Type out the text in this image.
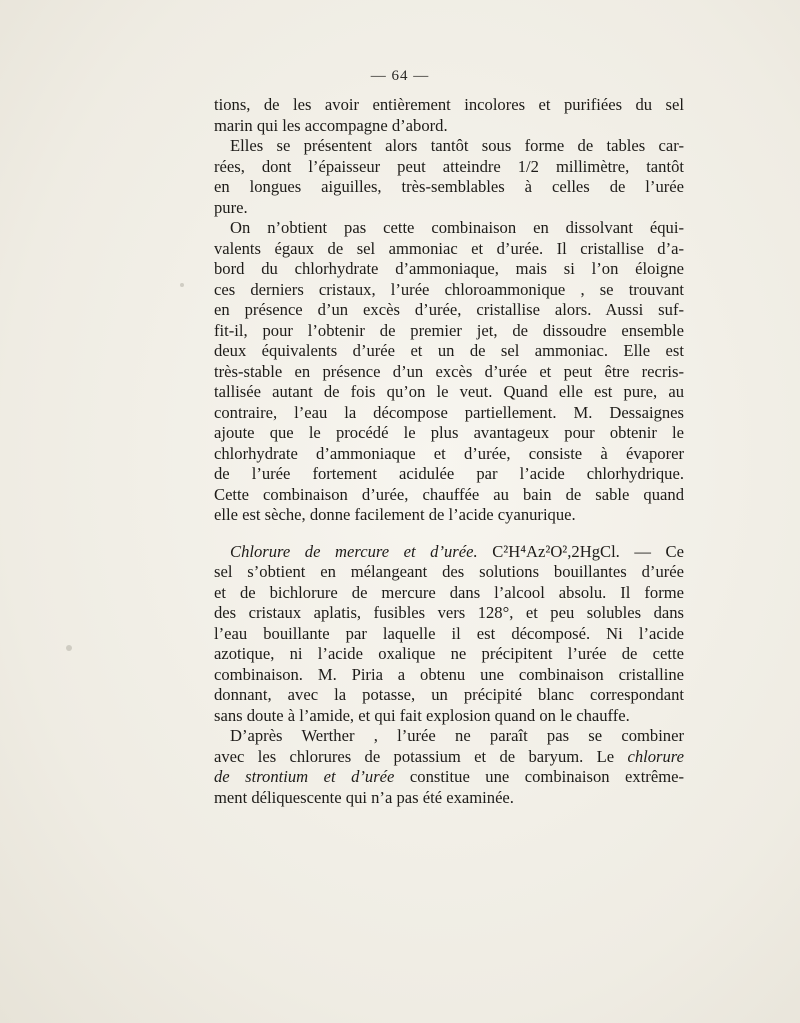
— 64 —
tions, de les avoir entièrement incolores et purifiées du sel
marin qui les accompagne d’abord.
Elles se présentent alors tantôt sous forme de tables car-
rées, dont l’épaisseur peut atteindre 1/2 millimètre, tantôt
en longues aiguilles, très-semblables à celles de l’urée
pure.
On n’obtient pas cette combinaison en dissolvant équi-
valents égaux de sel ammoniac et d’urée. Il cristallise d’a-
bord du chlorhydrate d’ammoniaque, mais si l’on éloigne
ces derniers cristaux, l’urée chloroammonique , se trouvant
en présence d’un excès d’urée, cristallise alors. Aussi suf-
fit-il, pour l’obtenir de premier jet, de dissoudre ensemble
deux équivalents d’urée et un de sel ammoniac. Elle est
très-stable en présence d’un excès d’urée et peut être recris-
tallisée autant de fois qu’on le veut. Quand elle est pure, au
contraire, l’eau la décompose partiellement. M. Dessaignes
ajoute que le procédé le plus avantageux pour obtenir le
chlorhydrate d’ammoniaque et d’urée, consiste à évaporer
de l’urée fortement acidulée par l’acide chlorhydrique.
Cette combinaison d’urée, chauffée au bain de sable quand
elle est sèche, donne facilement de l’acide cyanurique.
Chlorure de mercure et d’urée. C²H⁴Az²O²,2HgCl. — Ce
sel s’obtient en mélangeant des solutions bouillantes d’urée
et de bichlorure de mercure dans l’alcool absolu. Il forme
des cristaux aplatis, fusibles vers 128°, et peu solubles dans
l’eau bouillante par laquelle il est décomposé. Ni l’acide
azotique, ni l’acide oxalique ne précipitent l’urée de cette
combinaison. M. Piria a obtenu une combinaison cristalline
donnant, avec la potasse, un précipité blanc correspondant
sans doute à l’amide, et qui fait explosion quand on le chauffe.
D’après Werther , l’urée ne paraît pas se combiner
avec les chlorures de potassium et de baryum. Le chlorure
de strontium et d’urée constitue une combinaison extrême-
ment déliquescente qui n’a pas été examinée.
